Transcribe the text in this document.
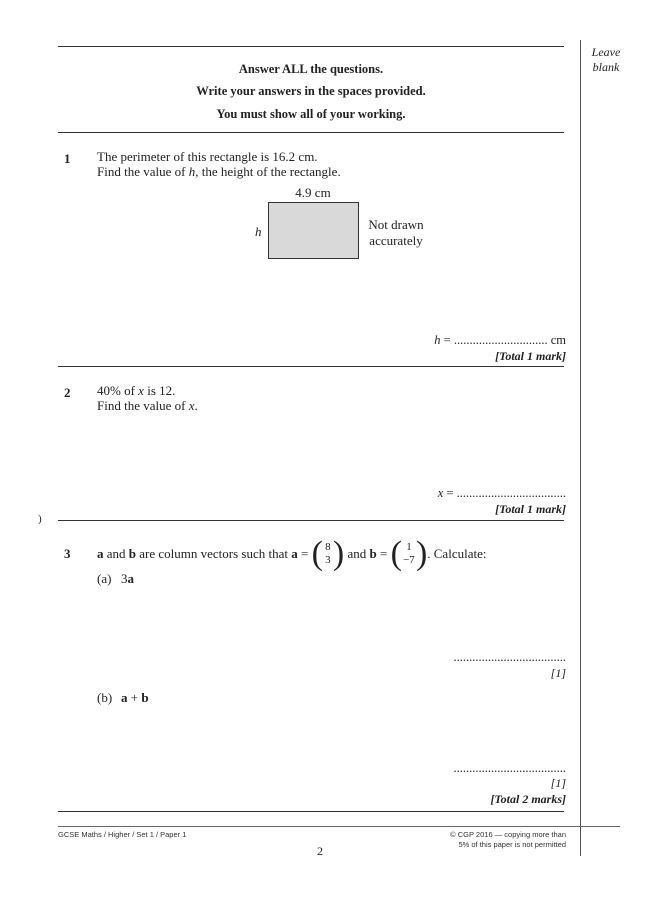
Leave
blank
Answer ALL the questions.
Write your answers in the spaces provided.
You must show all of your working.
1 The perimeter of this rectangle is 16.2 cm.
Find the value of h, the height of the rectangle.
4.9 cm
h	Not drawn
accurately
h = .............................. cm
[Total 1 mark]
2 40% of x is 12.
Find the value of x.
x = ...................................
[Total 1 mark]
)
3 a and b are column vectors such that a = ( 8
3 ) and b = ( 1
−7 ) . Calculate:
(a) 3a
....................................
[1]
(b) a + b
....................................
[1]
[Total 2 marks]
GCSE Maths / Higher / Set 1 / Paper 1
2
© CGP 2016 — copying more than
5% of this paper is not permitted
